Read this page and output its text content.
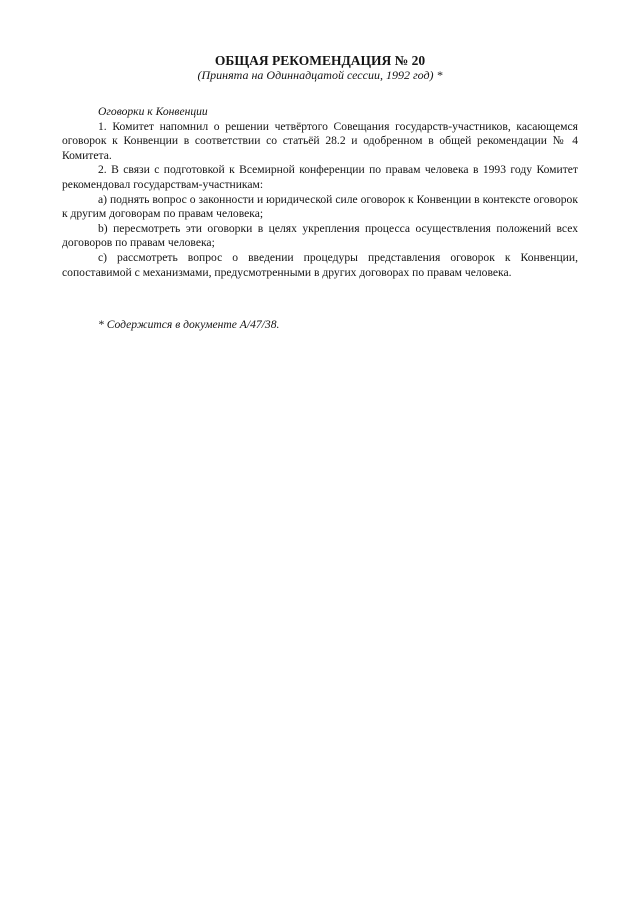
ОБЩАЯ РЕКОМЕНДАЦИЯ № 20
(Принята на Одиннадцатой сессии, 1992 год) *

Оговорки к Конвенции

1. Комитет напомнил о решении четвёртого Совещания государств-участников, касающемся оговорок к Конвенции в соответствии со статьёй 28.2 и одобренном в общей рекомендации № 4 Комитета.

2. В связи с подготовкой к Всемирной конференции по правам человека в 1993 году Комитет рекомендовал государствам-участникам:

a) поднять вопрос о законности и юридической силе оговорок к Конвенции в контексте оговорок к другим договорам по правам человека;

b) пересмотреть эти оговорки в целях укрепления процесса осуществления положений всех договоров по правам человека;

c) рассмотреть вопрос о введении процедуры представления оговорок к Конвенции, сопоставимой с механизмами, предусмотренными в других договорах по правам человека.

* Содержится в документе A/47/38.
